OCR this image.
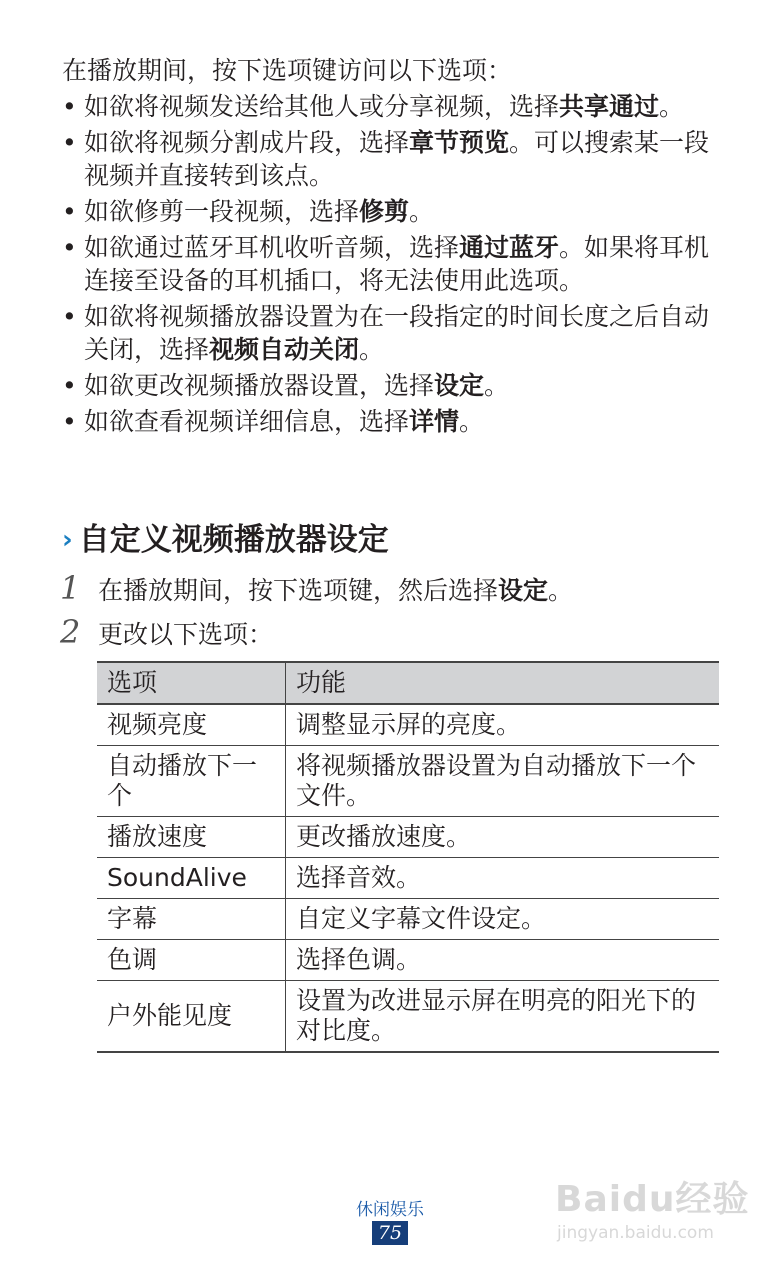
在播放期间，按下选项键访问以下选项：
• 如欲将视频发送给其他人或分享视频，选择共享通过。
• 如欲将视频分割成片段，选择章节预览。可以搜索某一段视频并直接转到该点。
• 如欲修剪一段视频，选择修剪。
• 如欲通过蓝牙耳机收听音频，选择通过蓝牙。如果将耳机连接至设备的耳机插口，将无法使用此选项。
• 如欲将视频播放器设置为在一段指定的时间长度之后自动关闭，选择视频自动关闭。
• 如欲更改视频播放器设置，选择设定。
• 如欲查看视频详细信息，选择详情。
› 自定义视频播放器设定
1 在播放期间，按下选项键，然后选择设定。
2 更改以下选项：
选项	功能
视频亮度	调整显示屏的亮度。
自动播放下一个	将视频播放器设置为自动播放下一个文件。
播放速度	更改播放速度。
SoundAlive	选择音效。
字幕	自定义字幕文件设定。
色调	选择色调。
户外能见度	设置为改进显示屏在明亮的阳光下的对比度。
休闲娱乐
75
Baidu经验
jingyan.baidu.com
